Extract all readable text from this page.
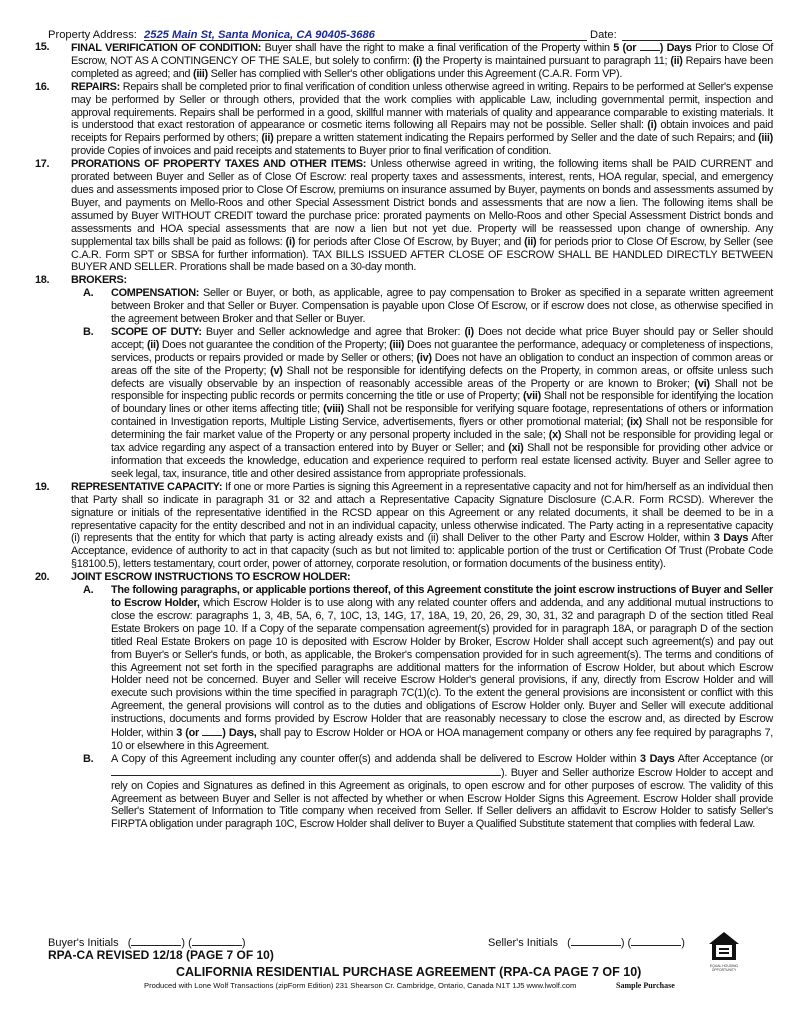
Property Address: 2525 Main St, Santa Monica, CA 90405-3686	Date:
15. FINAL VERIFICATION OF CONDITION: Buyer shall have the right to make a final verification of the Property within 5 (or ) Days Prior to Close Of Escrow, NOT AS A CONTINGENCY OF THE SALE, but solely to confirm: (i) the Property is maintained pursuant to paragraph 11; (ii) Repairs have been completed as agreed; and (iii) Seller has complied with Seller's other obligations under this Agreement (C.A.R. Form VP).
16. REPAIRS: Repairs shall be completed prior to final verification of condition unless otherwise agreed in writing. Repairs to be performed at Seller's expense may be performed by Seller or through others, provided that the work complies with applicable Law, including governmental permit, inspection and approval requirements. Repairs shall be performed in a good, skillful manner with materials of quality and appearance comparable to existing materials. It is understood that exact restoration of appearance or cosmetic items following all Repairs may not be possible. Seller shall: (i) obtain invoices and paid receipts for Repairs performed by others; (ii) prepare a written statement indicating the Repairs performed by Seller and the date of such Repairs; and (iii) provide Copies of invoices and paid receipts and statements to Buyer prior to final verification of condition.
17. PRORATIONS OF PROPERTY TAXES AND OTHER ITEMS: Unless otherwise agreed in writing, the following items shall be PAID CURRENT and prorated between Buyer and Seller as of Close Of Escrow: real property taxes and assessments, interest, rents, HOA regular, special, and emergency dues and assessments imposed prior to Close Of Escrow, premiums on insurance assumed by Buyer, payments on bonds and assessments assumed by Buyer, and payments on Mello-Roos and other Special Assessment District bonds and assessments that are now a lien. The following items shall be assumed by Buyer WITHOUT CREDIT toward the purchase price: prorated payments on Mello-Roos and other Special Assessment District bonds and assessments and HOA special assessments that are now a lien but not yet due. Property will be reassessed upon change of ownership. Any supplemental tax bills shall be paid as follows: (i) for periods after Close Of Escrow, by Buyer; and (ii) for periods prior to Close Of Escrow, by Seller (see C.A.R. Form SPT or SBSA for further information). TAX BILLS ISSUED AFTER CLOSE OF ESCROW SHALL BE HANDLED DIRECTLY BETWEEN BUYER AND SELLER. Prorations shall be made based on a 30-day month.
18. BROKERS:
A. COMPENSATION: Seller or Buyer, or both, as applicable, agree to pay compensation to Broker as specified in a separate written agreement between Broker and that Seller or Buyer. Compensation is payable upon Close Of Escrow, or if escrow does not close, as otherwise specified in the agreement between Broker and that Seller or Buyer.
B. SCOPE OF DUTY: Buyer and Seller acknowledge and agree that Broker: (i) Does not decide what price Buyer should pay or Seller should accept; (ii) Does not guarantee the condition of the Property; (iii) Does not guarantee the performance, adequacy or completeness of inspections, services, products or repairs provided or made by Seller or others; (iv) Does not have an obligation to conduct an inspection of common areas or areas off the site of the Property; (v) Shall not be responsible for identifying defects on the Property, in common areas, or offsite unless such defects are visually observable by an inspection of reasonably accessible areas of the Property or are known to Broker; (vi) Shall not be responsible for inspecting public records or permits concerning the title or use of Property; (vii) Shall not be responsible for identifying the location of boundary lines or other items affecting title; (viii) Shall not be responsible for verifying square footage, representations of others or information contained in Investigation reports, Multiple Listing Service, advertisements, flyers or other promotional material; (ix) Shall not be responsible for determining the fair market value of the Property or any personal property included in the sale; (x) Shall not be responsible for providing legal or tax advice regarding any aspect of a transaction entered into by Buyer or Seller; and (xi) Shall not be responsible for providing other advice or information that exceeds the knowledge, education and experience required to perform real estate licensed activity. Buyer and Seller agree to seek legal, tax, insurance, title and other desired assistance from appropriate professionals.
19. REPRESENTATIVE CAPACITY: If one or more Parties is signing this Agreement in a representative capacity and not for him/herself as an individual then that Party shall so indicate in paragraph 31 or 32 and attach a Representative Capacity Signature Disclosure (C.A.R. Form RCSD). Wherever the signature or initials of the representative identified in the RCSD appear on this Agreement or any related documents, it shall be deemed to be in a representative capacity for the entity described and not in an individual capacity, unless otherwise indicated. The Party acting in a representative capacity (i) represents that the entity for which that party is acting already exists and (ii) shall Deliver to the other Party and Escrow Holder, within 3 Days After Acceptance, evidence of authority to act in that capacity (such as but not limited to: applicable portion of the trust or Certification Of Trust (Probate Code §18100.5), letters testamentary, court order, power of attorney, corporate resolution, or formation documents of the business entity).
20. JOINT ESCROW INSTRUCTIONS TO ESCROW HOLDER:
A. The following paragraphs, or applicable portions thereof, of this Agreement constitute the joint escrow instructions of Buyer and Seller to Escrow Holder, which Escrow Holder is to use along with any related counter offers and addenda, and any additional mutual instructions to close the escrow: paragraphs 1, 3, 4B, 5A, 6, 7, 10C, 13, 14G, 17, 18A, 19, 20, 26, 29, 30, 31, 32 and paragraph D of the section titled Real Estate Brokers on page 10. If a Copy of the separate compensation agreement(s) provided for in paragraph 18A, or paragraph D of the section titled Real Estate Brokers on page 10 is deposited with Escrow Holder by Broker, Escrow Holder shall accept such agreement(s) and pay out from Buyer's or Seller's funds, or both, as applicable, the Broker's compensation provided for in such agreement(s). The terms and conditions of this Agreement not set forth in the specified paragraphs are additional matters for the information of Escrow Holder, but about which Escrow Holder need not be concerned. Buyer and Seller will receive Escrow Holder's general provisions, if any, directly from Escrow Holder and will execute such provisions within the time specified in paragraph 7C(1)(c). To the extent the general provisions are inconsistent or conflict with this Agreement, the general provisions will control as to the duties and obligations of Escrow Holder only. Buyer and Seller will execute additional instructions, documents and forms provided by Escrow Holder that are reasonably necessary to close the escrow and, as directed by Escrow Holder, within 3 (or ) Days, shall pay to Escrow Holder or HOA or HOA management company or others any fee required by paragraphs 7, 10 or elsewhere in this Agreement.
B. A Copy of this Agreement including any counter offer(s) and addenda shall be delivered to Escrow Holder within 3 Days After Acceptance (or ). Buyer and Seller authorize Escrow Holder to accept and rely on Copies and Signatures as defined in this Agreement as originals, to open escrow and for other purposes of escrow. The validity of this Agreement as between Buyer and Seller is not affected by whether or when Escrow Holder Signs this Agreement. Escrow Holder shall provide Seller's Statement of Information to Title company when received from Seller. If Seller delivers an affidavit to Escrow Holder to satisfy Seller's FIRPTA obligation under paragraph 10C, Escrow Holder shall deliver to Buyer a Qualified Substitute statement that complies with federal Law.
Buyer's Initials   (	) (	)	Seller's Initials   (	) (	)
RPA-CA REVISED 12/18 (PAGE 7 OF 10)
CALIFORNIA RESIDENTIAL PURCHASE AGREEMENT (RPA-CA PAGE 7 OF 10)
Produced with Lone Wolf Transactions (zipForm Edition) 231 Shearson Cr. Cambridge, Ontario, Canada N1T 1J5 www.lwolf.com	Sample Purchase
EQUAL HOUSING
OPPORTUNITY
